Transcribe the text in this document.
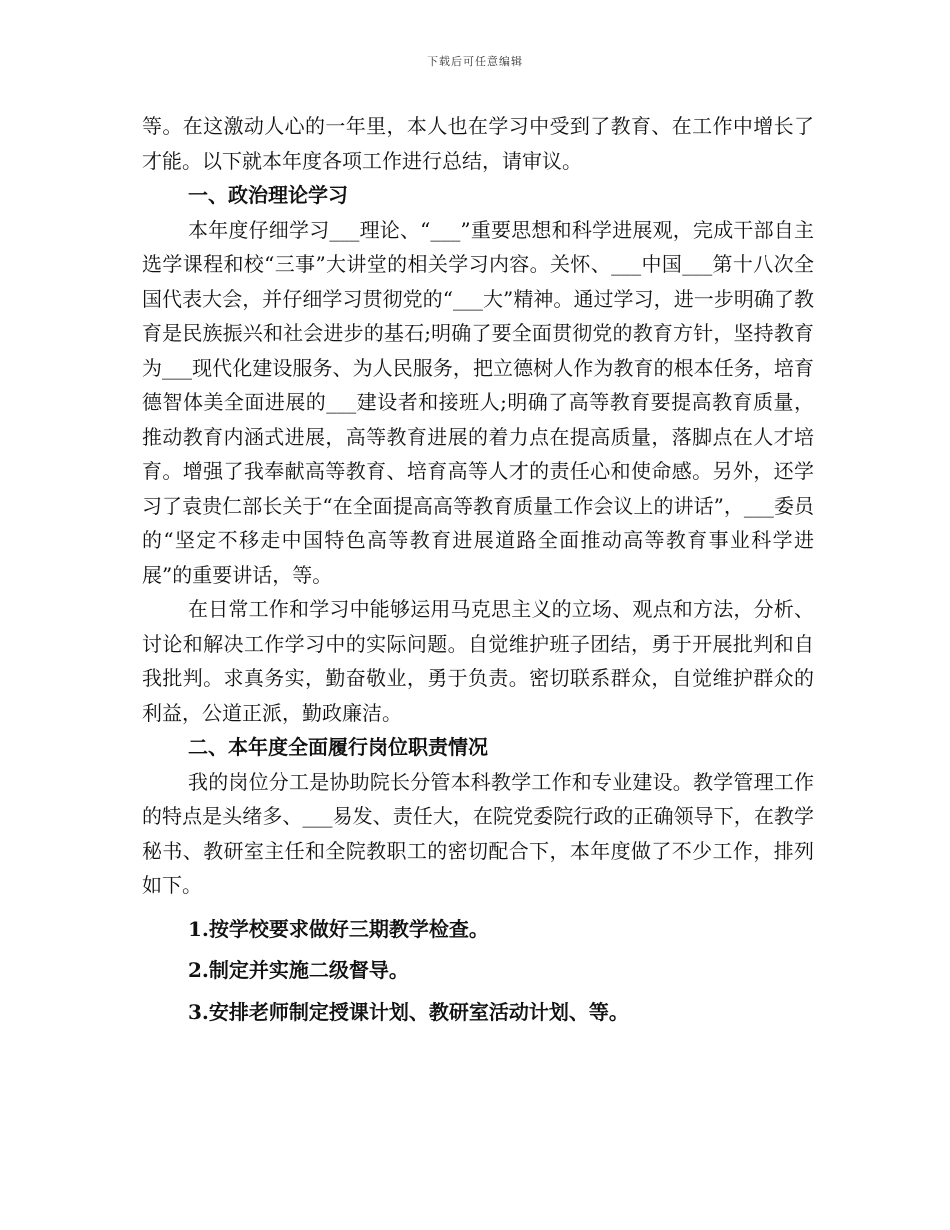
下载后可任意编辑

等。在这激动人心的一年里，本人也在学习中受到了教育、在工作中增长了才能。以下就本年度各项工作进行总结，请审议。

一、政治理论学习

本年度仔细学习___理论、“___”重要思想和科学进展观，完成干部自主选学课程和校“三事”大讲堂的相关学习内容。关怀、___中国___第十八次全国代表大会，并仔细学习贯彻党的“___大”精神。通过学习，进一步明确了教育是民族振兴和社会进步的基石;明确了要全面贯彻党的教育方针，坚持教育为___现代化建设服务、为人民服务，把立德树人作为教育的根本任务，培育德智体美全面进展的___建设者和接班人;明确了高等教育要提高教育质量，推动教育内涵式进展，高等教育进展的着力点在提高质量，落脚点在人才培育。增强了我奉献高等教育、培育高等人才的责任心和使命感。另外，还学习了袁贵仁部长关于“在全面提高高等教育质量工作会议上的讲话”，___委员的“坚定不移走中国特色高等教育进展道路全面推动高等教育事业科学进展”的重要讲话，等。

在日常工作和学习中能够运用马克思主义的立场、观点和方法，分析、讨论和解决工作学习中的实际问题。自觉维护班子团结，勇于开展批判和自我批判。求真务实，勤奋敬业，勇于负责。密切联系群众，自觉维护群众的利益，公道正派，勤政廉洁。

二、本年度全面履行岗位职责情况

我的岗位分工是协助院长分管本科教学工作和专业建设。教学管理工作的特点是头绪多、___易发、责任大，在院党委院行政的正确领导下，在教学秘书、教研室主任和全院教职工的密切配合下，本年度做了不少工作，排列如下。

1.按学校要求做好三期教学检查。

2.制定并实施二级督导。

3.安排老师制定授课计划、教研室活动计划、等。
